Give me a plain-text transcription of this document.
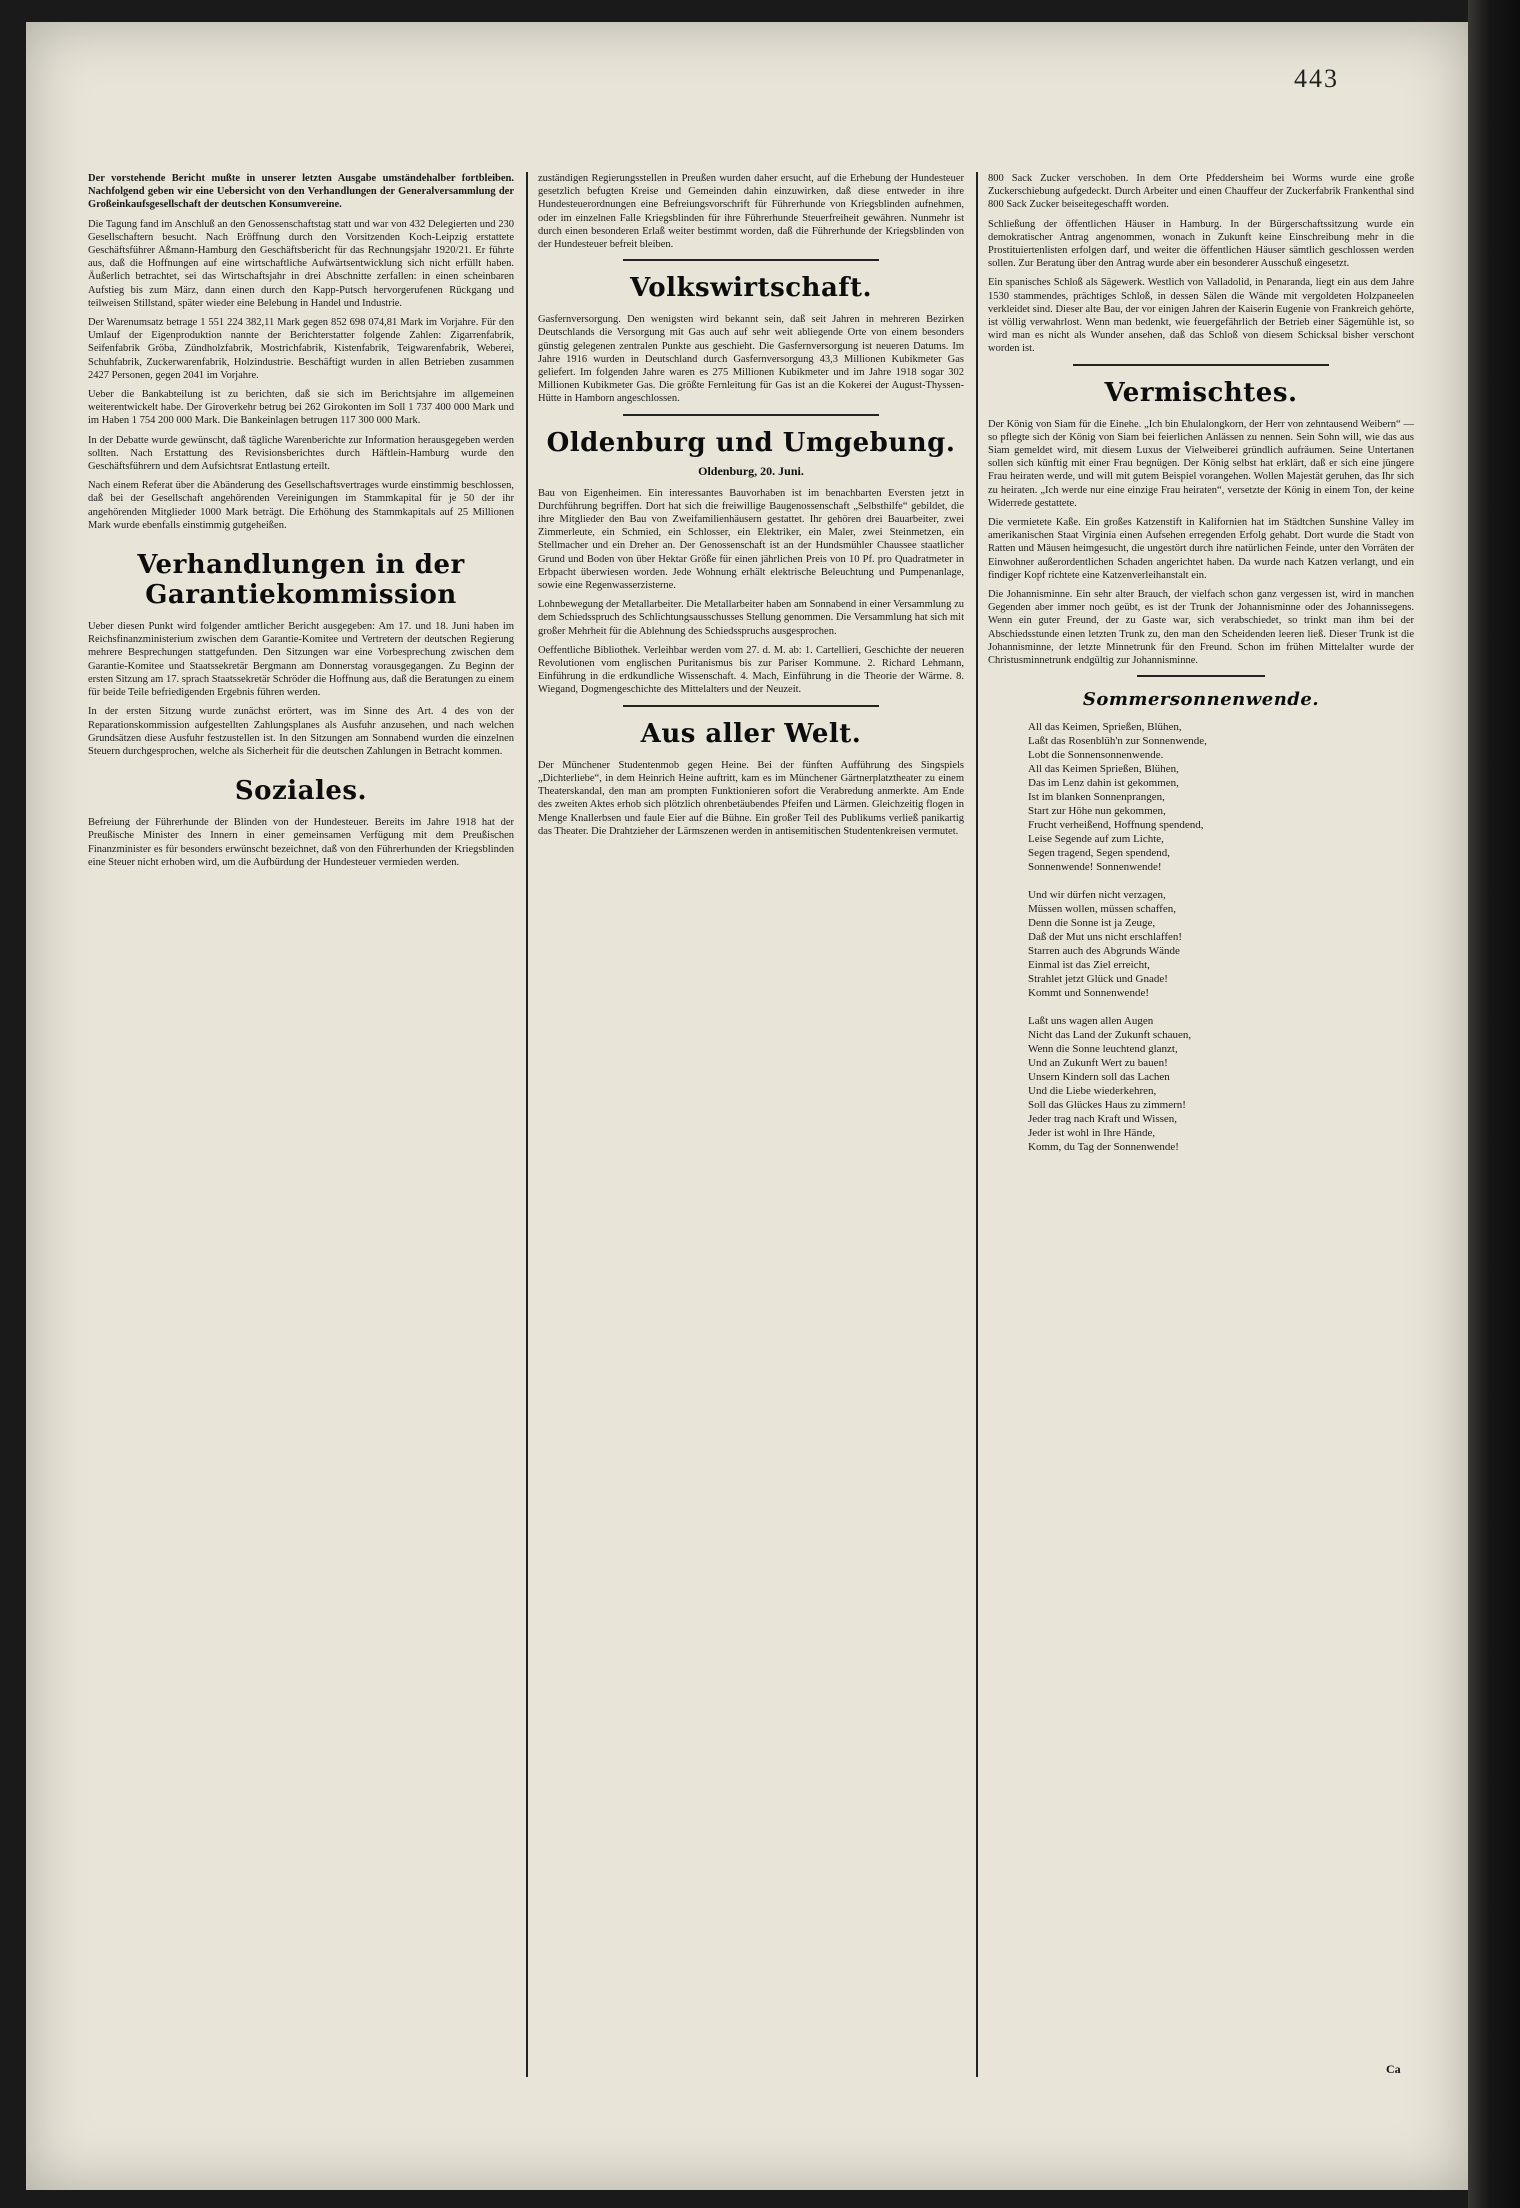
443

Der vorstehende Bericht mußte in unserer letzten Ausgabe umständehalber fortbleiben. Nachfolgend geben wir eine Uebersicht von den Verhandlungen der Generalversammlung der Großeinkaufsgesellschaft der deutschen Konsumvereine.

Die Tagung fand im Anschluß an den Genossenschaftstag statt und war von 432 Delegierten und 230 Gesellschaftern besucht. Nach Eröffnung durch den Vorsitzenden Koch-Leipzig erstattete Geschäftsführer Aßmann-Hamburg den Geschäftsbericht für das Rechnungsjahr 1920/21. Er führte aus, daß die Hoffnungen auf eine wirtschaftliche Aufwärtsentwicklung sich nicht erfüllt haben. Äußerlich betrachtet, sei das Wirtschaftsjahr in drei Abschnitte zerfallen: in einen scheinbaren Aufstieg bis zum März, dann einen durch den Kapp-Putsch hervorgerufenen Rückgang und teilweisen Stillstand, später wieder eine Belebung in Handel und Industrie.

Der Warenumsatz betrage 1 551 224 382,11 Mark gegen 852 698 074,81 Mark im Vorjahre. Für den Umlauf der Eigenproduktion nannte der Berichterstatter folgende Zahlen: Zigarrenfabrik, Seifenfabrik Gröba, Zündholzfabrik, Mostrichfabrik, Kistenfabrik, Teigwarenfabrik, Weberei, Schuhfabrik, Zuckerwarenfabrik, Holzindustrie. Beschäftigt wurden in allen Betrieben zusammen 2427 Personen, gegen 2041 im Vorjahre.

Ueber die Bankabteilung ist zu berichten, daß sie sich im Berichtsjahre im allgemeinen weiterentwickelt habe. Der Giroverkehr betrug bei 262 Girokonten im Soll 1 737 400 000 Mark und im Haben 1 754 200 000 Mark. Die Bankeinlagen betrugen 117 300 000 Mark.

In der Debatte wurde gewünscht, daß tägliche Warenberichte zur Information herausgegeben werden sollten. Nach Erstattung des Revisionsberichtes durch Häftlein-Hamburg wurde den Geschäftsführern und dem Aufsichtsrat Entlastung erteilt.

Nach einem Referat über die Abänderung des Gesellschaftsvertrages wurde einstimmig beschlossen, daß bei der Gesellschaft angehörenden Vereinigungen im Stammkapital für je 50 der ihr angehörenden Mitglieder 1000 Mark beträgt. Die Erhöhung des Stammkapitals auf 25 Millionen Mark wurde ebenfalls einstimmig gutgeheißen.

Verhandlungen in der Garantiekommission

Ueber diesen Punkt wird folgender amtlicher Bericht ausgegeben: Am 17. und 18. Juni haben im Reichsfinanzministerium zwischen dem Garantie-Komitee und Vertretern der deutschen Regierung mehrere Besprechungen stattgefunden. Den Sitzungen war eine Vorbesprechung zwischen dem Garantie-Komitee und Staatssekretär Bergmann am Donnerstag vorausgegangen. Zu Beginn der ersten Sitzung am 17. sprach Staatssekretär Schröder die Hoffnung aus, daß die Beratungen zu einem für beide Teile befriedigenden Ergebnis führen werden.

In der ersten Sitzung wurde zunächst erörtert, was im Sinne des Art. 4 des von der Reparationskommission aufgestellten Zahlungsplanes als Ausfuhr anzusehen, und nach welchen Grundsätzen diese Ausfuhr festzustellen ist. In den Sitzungen am Sonnabend wurden die einzelnen Steuern durchgesprochen, welche als Sicherheit für die deutschen Zahlungen in Betracht kommen.

Soziales.

Befreiung der Führerhunde der Blinden von der Hundesteuer. Bereits im Jahre 1918 hat der Preußische Minister des Innern in einer gemeinsamen Verfügung mit dem Preußischen Finanzminister es für besonders erwünscht bezeichnet, daß von den Führerhunden der Kriegsblinden eine Steuer nicht erhoben wird, um die Aufbürdung der Hundesteuer vermieden werden.

zuständigen Regierungsstellen in Preußen wurden daher ersucht, auf die Erhebung der Hundesteuer gesetzlich befugten Kreise und Gemeinden dahin einzuwirken, daß diese entweder in ihre Hundesteuerordnungen eine Befreiungsvorschrift für Führerhunde von Kriegsblinden aufnehmen, oder im einzelnen Falle Kriegsblinden für ihre Führerhunde Steuerfreiheit gewähren. Nunmehr ist durch einen besonderen Erlaß weiter bestimmt worden, daß die Führerhunde der Kriegsblinden von der Hundesteuer befreit bleiben.

Volkswirtschaft.

Gasfernversorgung. Den wenigsten wird bekannt sein, daß seit Jahren in mehreren Bezirken Deutschlands die Versorgung mit Gas auch auf sehr weit abliegende Orte von einem besonders günstig gelegenen zentralen Punkte aus geschieht. Die Gasfernversorgung ist neueren Datums. Im Jahre 1916 wurden in Deutschland durch Gasfernversorgung 43,3 Millionen Kubikmeter Gas geliefert. Im folgenden Jahre waren es 275 Millionen Kubikmeter und im Jahre 1918 sogar 302 Millionen Kubikmeter Gas. Die größte Fernleitung für Gas ist an die Kokerei der August-Thyssen-Hütte in Hamborn angeschlossen.

Oldenburg und Umgebung.
Oldenburg, 20. Juni.

Bau von Eigenheimen. Ein interessantes Bauvorhaben ist im benachbarten Eversten jetzt in Durchführung begriffen. Dort hat sich die freiwillige Baugenossenschaft „Selbsthilfe“ gebildet, die ihre Mitglieder den Bau von Zweifamilienhäusern gestattet. Ihr gehören drei Bauarbeiter, zwei Zimmerleute, ein Schmied, ein Schlosser, ein Elektriker, ein Maler, zwei Steinmetzen, ein Stellmacher und ein Dreher an. Der Genossenschaft ist an der Hundsmühler Chaussee staatlicher Grund und Boden von über Hektar Größe für einen jährlichen Preis von 10 Pf. pro Quadratmeter in Erbpacht überwiesen worden. Jede Wohnung erhält elektrische Beleuchtung und Pumpenanlage, sowie eine Regenwasserzisterne.

Lohnbewegung der Metallarbeiter. Die Metallarbeiter haben am Sonnabend in einer Versammlung zu dem Schiedsspruch des Schlichtungsausschusses Stellung genommen. Die Versammlung hat sich mit großer Mehrheit für die Ablehnung des Schiedsspruchs ausgesprochen.

Oeffentliche Bibliothek. Verleihbar werden vom 27. d. M. ab: 1. Cartellieri, Geschichte der neueren Revolutionen vom englischen Puritanismus bis zur Pariser Kommune. 2. Richard Lehmann, Einführung in die erdkundliche Wissenschaft. 4. Mach, Einführung in die Theorie der Wärme. 8. Wiegand, Dogmengeschichte des Mittelalters und der Neuzeit.

Aus aller Welt.

Der Münchener Studentenmob gegen Heine. Bei der fünften Aufführung des Singspiels „Dichterliebe“, in dem Heinrich Heine auftritt, kam es im Münchener Gärtnerplatztheater zu einem Theaterskandal, den man am prompten Funktionieren sofort die Verabredung anmerkte. Am Ende des zweiten Aktes erhob sich plötzlich ohrenbetäubendes Pfeifen und Lärmen. Gleichzeitig flogen in Menge Knallerbsen und faule Eier auf die Bühne. Ein großer Teil des Publikums verließ panikartig das Theater. Die Drahtzieher der Lärmszenen werden in antisemitischen Studentenkreisen vermutet.

800 Sack Zucker verschoben. In dem Orte Pfeddersheim bei Worms wurde eine große Zuckerschiebung aufgedeckt. Durch Arbeiter und einen Chauffeur der Zuckerfabrik Frankenthal sind 800 Sack Zucker beiseitegeschafft worden.

Schließung der öffentlichen Häuser in Hamburg. In der Bürgerschaftssitzung wurde ein demokratischer Antrag angenommen, wonach in Zukunft keine Einschreibung mehr in die Prostituiertenlisten erfolgen darf, und weiter die öffentlichen Häuser sämtlich geschlossen werden sollen. Zur Beratung über den Antrag wurde aber ein besonderer Ausschuß eingesetzt.

Ein spanisches Schloß als Sägewerk. Westlich von Valladolid, in Penaranda, liegt ein aus dem Jahre 1530 stammendes, prächtiges Schloß, in dessen Sälen die Wände mit vergoldeten Holzpaneelen verkleidet sind. Dieser alte Bau, der vor einigen Jahren der Kaiserin Eugenie von Frankreich gehörte, ist völlig verwahrlost. Wenn man bedenkt, wie feuergefährlich der Betrieb einer Sägemühle ist, so wird man es nicht als Wunder ansehen, daß das Schloß von diesem Schicksal bisher verschont worden ist.

Vermischtes.

Der König von Siam für die Einehe. „Ich bin Ehulalongkorn, der Herr von zehntausend Weibern“ — so pflegte sich der König von Siam bei feierlichen Anlässen zu nennen. Sein Sohn will, wie das aus Siam gemeldet wird, mit diesem Luxus der Vielweiberei gründlich aufräumen. Seine Untertanen sollen sich künftig mit einer Frau begnügen. Der König selbst hat erklärt, daß er sich eine jüngere Frau heiraten werde, und will mit gutem Beispiel vorangehen. Wollen Majestät geruhen, das Ihr sich zu heiraten. „Ich werde nur eine einzige Frau heiraten“, versetzte der König in einem Ton, der keine Widerrede gestattete.

Die vermietete Kaße. Ein großes Katzenstift in Kalifornien hat im Städtchen Sunshine Valley im amerikanischen Staat Virginia einen Aufsehen erregenden Erfolg gehabt. Dort wurde die Stadt von Ratten und Mäusen heimgesucht, die ungestört durch ihre natürlichen Feinde, unter den Vorräten der Einwohner außerordentlichen Schaden angerichtet haben. Da wurde nach Katzen verlangt, und ein findiger Kopf richtete eine Katzenverleihanstalt ein.

Die Johannisminne. Ein sehr alter Brauch, der vielfach schon ganz vergessen ist, wird in manchen Gegenden aber immer noch geübt, es ist der Trunk der Johannisminne oder des Johannissegens. Wenn ein guter Freund, der zu Gaste war, sich verabschiedet, so trinkt man ihm bei der Abschiedsstunde einen letzten Trunk zu, den man den Scheidenden leeren ließ. Dieser Trunk ist die Johannisminne, der letzte Minnetrunk für den Freund. Schon im frühen Mittelalter wurde der Christusminnetrunk endgültig zur Johannisminne.

Sommersonnenwende.

All das Keimen, Sprießen, Blühen,

Laßt das Rosenblüh'n zur Sonnenwende,

Lobt die Sonnensonnenwende.

All das Keimen Sprießen, Blühen,

Das im Lenz dahin ist gekommen,

Ist im blanken Sonnenprangen,

Start zur Höhe nun gekommen,

Frucht verheißend, Hoffnung spendend,

Leise Segende auf zum Lichte,

Segen tragend, Segen spendend,

Sonnenwende! Sonnenwende!

Und wir dürfen nicht verzagen,

Müssen wollen, müssen schaffen,

Denn die Sonne ist ja Zeuge,

Daß der Mut uns nicht erschlaffen!

Starren auch des Abgrunds Wände

Einmal ist das Ziel erreicht,

Strahlet jetzt Glück und Gnade!

Kommt und Sonnenwende!

Laßt uns wagen allen Augen

Nicht das Land der Zukunft schauen,

Wenn die Sonne leuchtend glanzt,

Und an Zukunft Wert zu bauen!

Unsern Kindern soll das Lachen

Und die Liebe wiederkehren,

Soll das Glückes Haus zu zimmern!

Jeder trag nach Kraft und Wissen,

Jeder ist wohl in Ihre Hände,

Komm, du Tag der Sonnenwende!

Ca
